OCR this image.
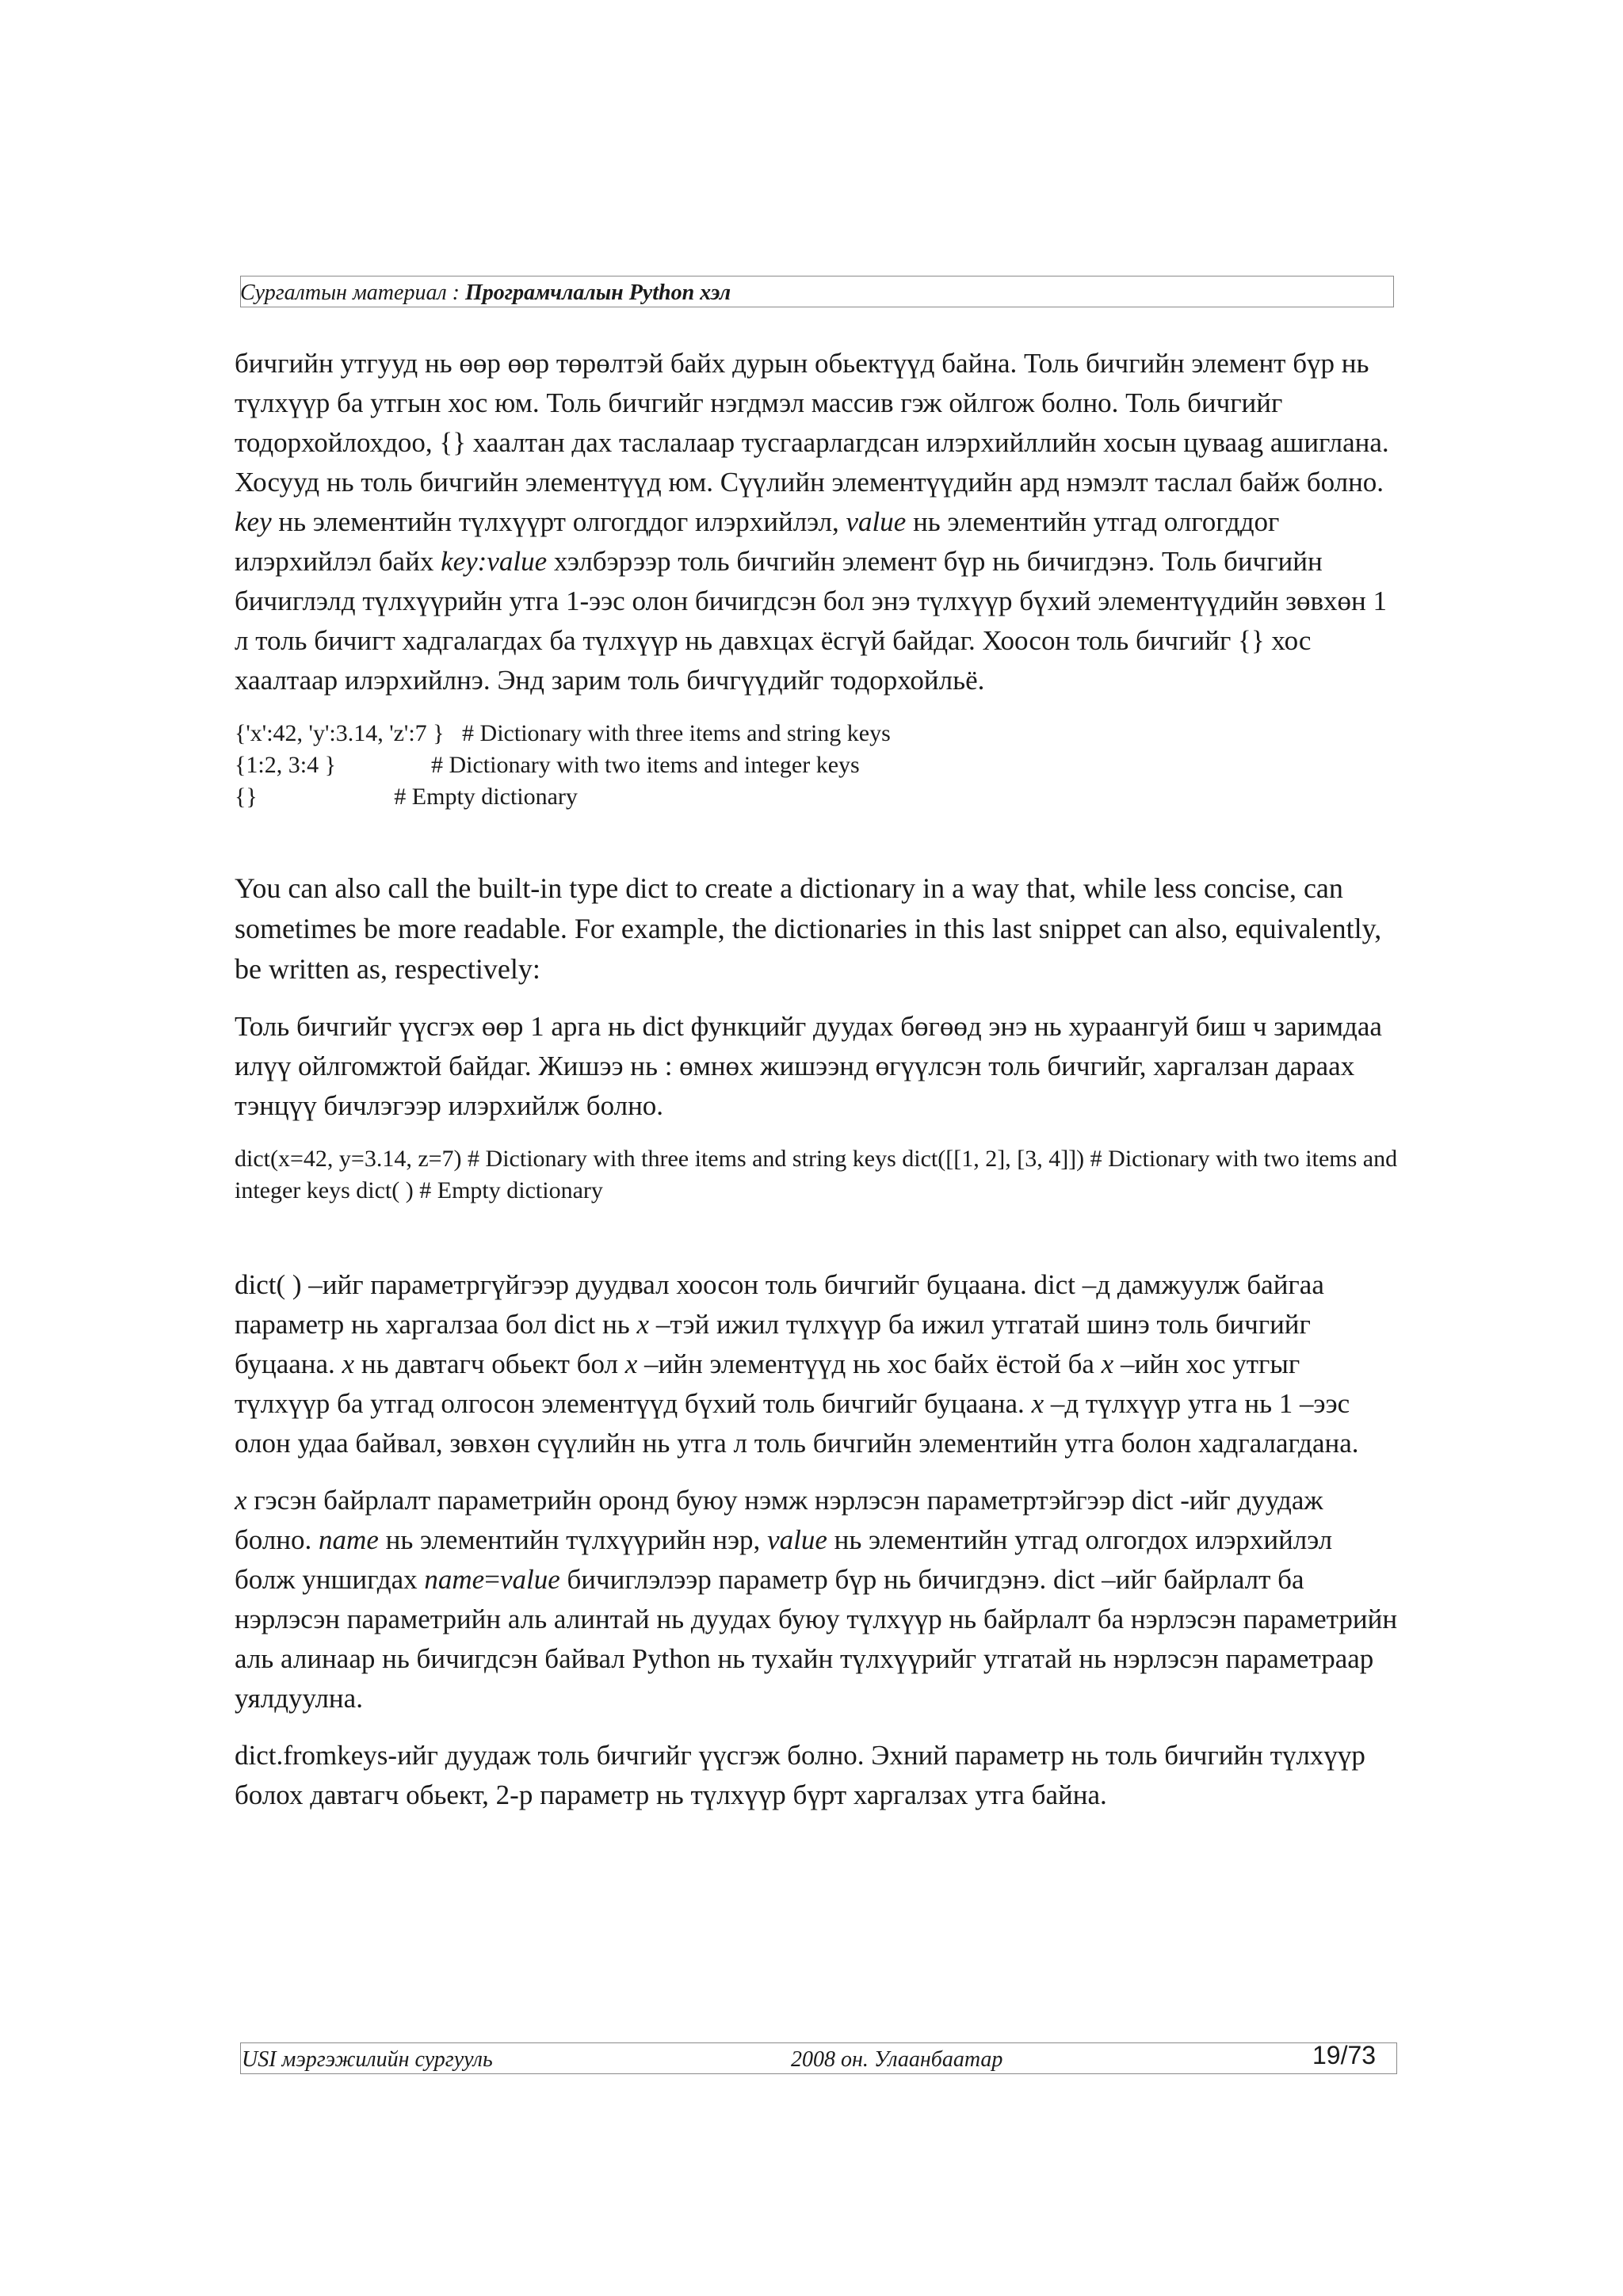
Сургалтын материал : Програмчлалын Python хэл

бичгийн утгууд нь өөр өөр төрөлтэй байх дурын обьектүүд байна. Толь бичгийн элемент бүр нь түлхүүр ба утгын хос юм. Толь бичгийг нэгдмэл массив гэж ойлгож болно. Толь бичгийг тодорхойлохдоо, {} хаалтан дах таслалаар тусгаарлагдсан илэрхийллийн хосын цуваag ашиглана. Хосууд нь толь бичгийн элементүүд юм. Сүүлийн элементүүдийн ард нэмэлт таслал байж болно. key нь элементийн түлхүүрт олгогддог илэрхийлэл, value нь элементийн утгад олгогддог илэрхийлэл байх key:value хэлбэрээр толь бичгийн элемент бүр нь бичигдэнэ. Толь бичгийн бичиглэлд түлхүүрийн утга 1-ээс олон бичигдсэн бол энэ түлхүүр бүхий элементүүдийн зөвхөн 1 л толь бичигт хадгалагдах ба түлхүүр нь давхцах ёсгүй байдаг. Хоосон толь бичгийг {} хос хаалтаар илэрхийлнэ. Энд зарим толь бичгүүдийг тодорхойльё.

{'x':42, 'y':3.14, 'z':7 }   # Dictionary with three items and string keys
{1:2, 3:4 }                # Dictionary with two items and integer keys
{}                       # Empty dictionary

You can also call the built-in type dict to create a dictionary in a way that, while less concise, can sometimes be more readable. For example, the dictionaries in this last snippet can also, equivalently, be written as, respectively:

Толь бичгийг үүсгэх өөр 1 арга нь dict функцийг дуудах бөгөөд энэ нь хураангуй биш ч заримдаа илүү ойлгомжтой байдаг. Жишээ нь : өмнөх жишээнд өгүүлсэн толь бичгийг, харгалзан дараах тэнцүү бичлэгээр илэрхийлж болно.

dict(x=42, y=3.14, z=7) # Dictionary with three items and string keys dict([[1, 2], [3, 4]]) # Dictionary with two items and integer keys dict( ) # Empty dictionary

dict( ) –ийг параметргүйгээр дуудвал хоосон толь бичгийг буцаана. dict –д дамжуулж байгаа параметр нь харгалзаа бол dict нь x –тэй ижил түлхүүр ба ижил утгатай шинэ толь бичгийг буцаана. x нь давтагч обьект бол x –ийн элементүүд нь хос байх ёстой ба x –ийн хос утгыг түлхүүр ба утгад олгосон элементүүд бүхий толь бичгийг буцаана. x –д түлхүүр утга нь 1 –ээс олон удаа байвал, зөвхөн сүүлийн нь утга л толь бичгийн элементийн утга болон хадгалагдана.

x гэсэн байрлалт параметрийн оронд буюу нэмж нэрлэсэн параметртэйгээр dict -ийг дуудаж болно. name нь элементийн түлхүүрийн нэр, value нь элементийн утгад олгогдох илэрхийлэл болж уншигдах name=value бичиглэлээр параметр бүр нь бичигдэнэ. dict –ийг байрлалт ба нэрлэсэн параметрийн аль алинтай нь дуудах буюу түлхүүр нь байрлалт ба нэрлэсэн параметрийн аль алинаар нь бичигдсэн байвал Python нь тухайн түлхүүрийг утгатай нь нэрлэсэн параметраар уялдуулна.

dict.fromkeys-ийг дуудаж толь бичгийг үүсгэж болно. Эхний параметр нь толь бичгийн түлхүүр болох давтагч обьект, 2-р параметр нь түлхүүр бүрт харгалзах утга байна.

USI мэргэжилийн сургууль	2008 он. Улаанбаатар	19/73
